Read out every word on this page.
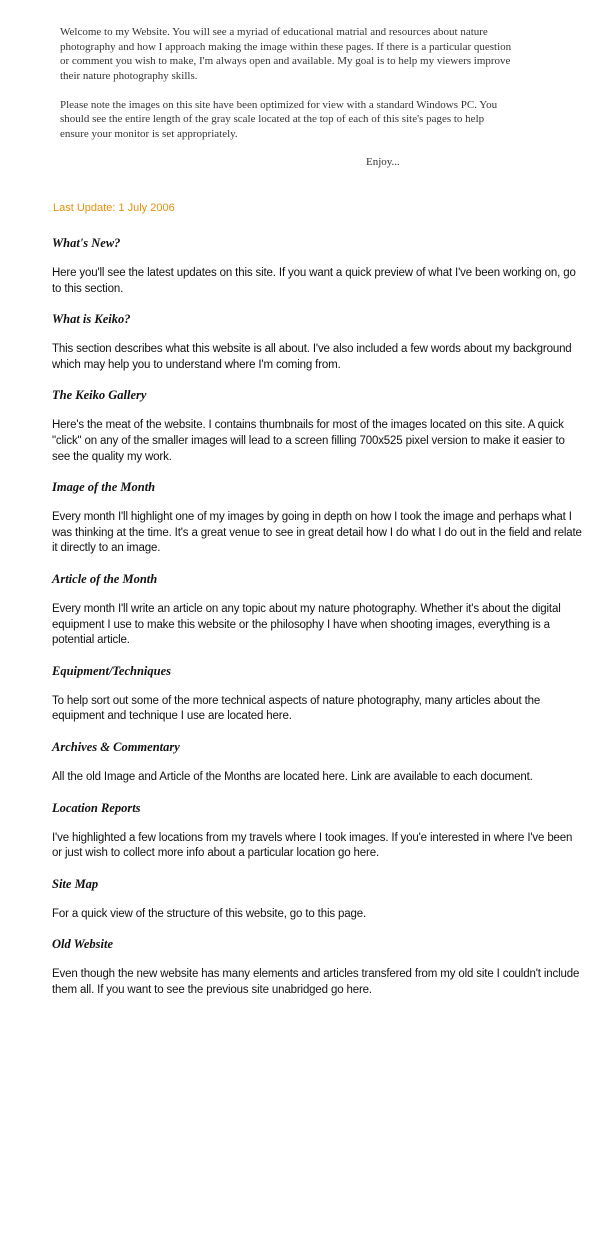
Welcome to my Website. You will see a myriad of educational matrial and resources about nature photography and how I approach making the image within these pages. If there is a particular question or comment you wish to make, I'm always open and available. My goal is to help my viewers improve their nature photography skills.

Please note the images on this site have been optimized for view with a standard Windows PC. You should see the entire length of the gray scale located at the top of each of this site's pages to help ensure your monitor is set appropriately.

Enjoy...

Last Update: 1 July 2006

What's New?

Here you'll see the latest updates on this site. If you want a quick preview of what I've been working on, go to this section.

What is Keiko?

This section describes what this website is all about. I've also included a few words about my background which may help you to understand where I'm coming from.

The Keiko Gallery

Here's the meat of the website. I contains thumbnails for most of the images located on this site. A quick "click" on any of the smaller images will lead to a screen filling 700x525 pixel version to make it easier to see the quality my work.

Image of the Month

Every month I'll highlight one of my images by going in depth on how I took the image and perhaps what I was thinking at the time. It's a great venue to see in great detail how I do what I do out in the field and relate it directly to an image.

Article of the Month

Every month I'll write an article on any topic about my nature photography. Whether it's about the digital equipment I use to make this website or the philosophy I have when shooting images, everything is a potential article.

Equipment/Techniques

To help sort out some of the more technical aspects of nature photography, many articles about the equipment and technique I use are located here.

Archives & Commentary

All the old Image and Article of the Months are located here. Link are available to each document.

Location Reports

I've highlighted a few locations from my travels where I took images. If you'e interested in where I've been or just wish to collect more info about a particular location go here.

Site Map

For a quick view of the structure of this website, go to this page.

Old Website

Even though the new website has many elements and articles transfered from my old site I couldn't include them all. If you want to see the previous site unabridged go here.
